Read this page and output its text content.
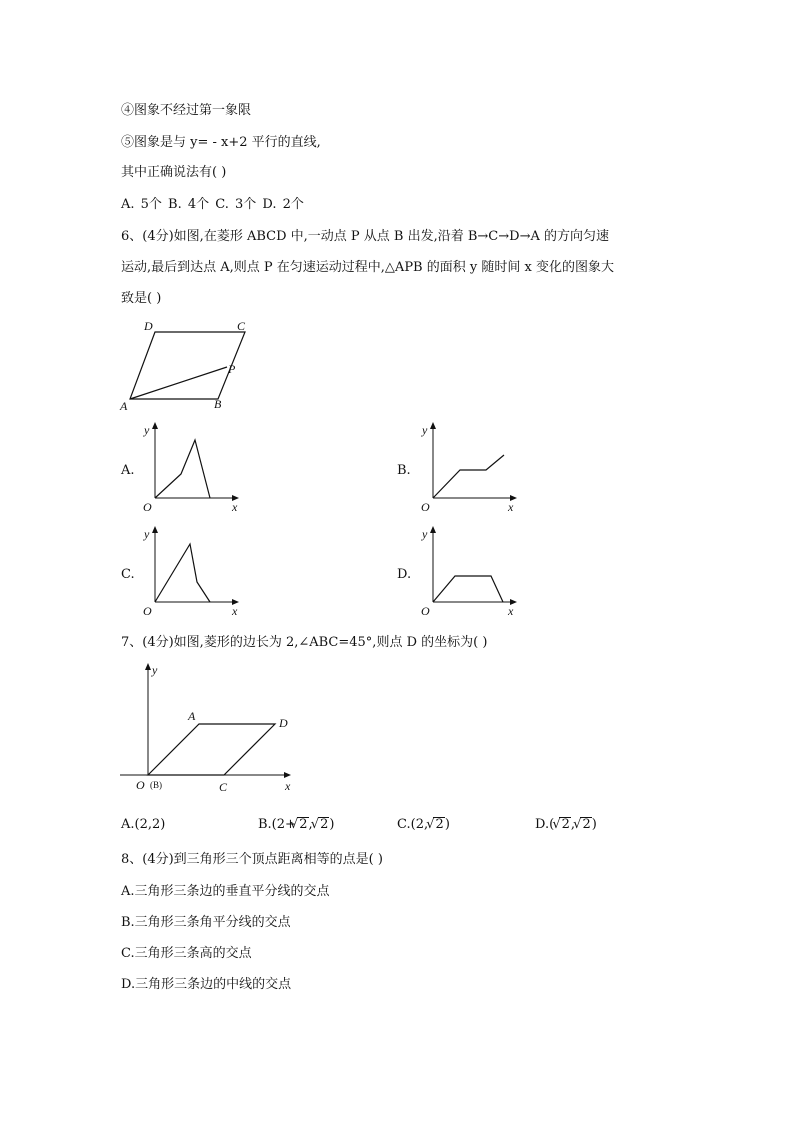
④图象不经过第一象限
⑤图象是与 y= - x+2 平行的直线,
其中正确说法有( )
A. 5个 B. 4个 C. 3个 D. 2个
6、(4分)如图,在菱形 ABCD 中,一动点 P 从点 B 出发,沿着 B→C→D→A 的方向匀速
运动,最后到达点 A,则点 P 在匀速运动过程中,△APB 的面积 y 随时间 x 变化的图象大
致是( )
D	C
P
A	B
A.
y
O	x
B.
y
O	x
C.
y
O	x
D.
y
O	x
7、(4分)如图,菱形的边长为 2,∠ABC=45°,则点 D 的坐标为( )
y
A	D
O (B)	C	x
A.(2,2)	B.(2+ √ 2, √ 2)	C.(2, √ 2)	D.( √ 2, √ 2)
8、(4分)到三角形三个顶点距离相等的点是( )
A.三角形三条边的垂直平分线的交点
B.三角形三条角平分线的交点
C.三角形三条高的交点
D.三角形三条边的中线的交点
